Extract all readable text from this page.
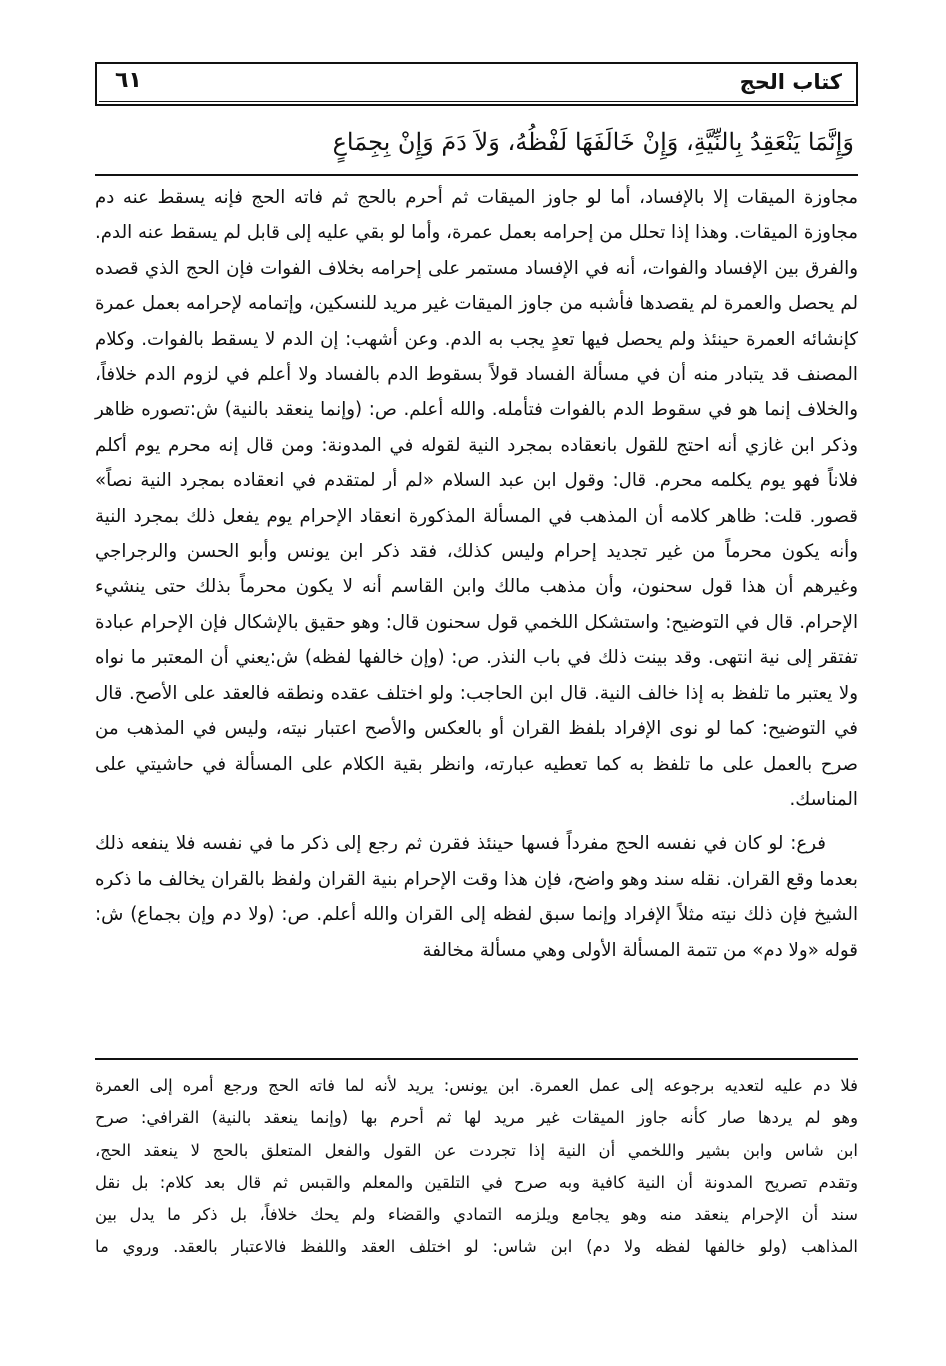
كتاب الحج
٦١
وَإِنَّمَا يَنْعَقِدُ بِالنِّيَّةِ، وَإِنْ خَالَفَهَا لَفْظُهُ، وَلاَ دَمَ وَإِنْ بِجِمَاعٍ

مجاوزة الميقات إلا بالإفساد، أما لو جاوز الميقات ثم أحرم بالحج ثم فاته الحج فإنه يسقط عنه دم مجاوزة الميقات. وهذا إذا تحلل من إحرامه بعمل عمرة، وأما لو بقي عليه إلى قابل لم يسقط عنه الدم. والفرق بين الإفساد والفوات، أنه في الإفساد مستمر على إحرامه بخلاف الفوات فإن الحج الذي قصده لم يحصل والعمرة لم يقصدها فأشبه من جاوز الميقات غير مريد للنسكين، وإتمامه لإحرامه بعمل عمرة كإنشائه العمرة حينئذ ولم يحصل فيها تعدٍ يجب به الدم. وعن أشهب: إن الدم لا يسقط بالفوات. وكلام المصنف قد يتبادر منه أن في مسألة الفساد قولاً بسقوط الدم بالفساد ولا أعلم في لزوم الدم خلافاً، والخلاف إنما هو في سقوط الدم بالفوات فتأمله. والله أعلم. ص: (وإنما ينعقد بالنية) ش:تصوره ظاهر وذكر ابن غازي أنه احتج للقول بانعقاده بمجرد النية لقوله في المدونة: ومن قال إنه محرم يوم أكلم فلاناً فهو يوم يكلمه محرم. قال: وقول ابن عبد السلام «لم أر لمتقدم في انعقاده بمجرد النية نصاً» قصور. قلت: ظاهر كلامه أن المذهب في المسألة المذكورة انعقاد الإحرام يوم يفعل ذلك بمجرد النية وأنه يكون محرماً من غير تجديد إحرام وليس كذلك، فقد ذكر ابن يونس وأبو الحسن والرجراجي وغيرهم أن هذا قول سحنون، وأن مذهب مالك وابن القاسم أنه لا يكون محرماً بذلك حتى ينشيء الإحرام. قال في التوضيح: واستشكل اللخمي قول سحنون قال: وهو حقيق بالإشكال فإن الإحرام عبادة تفتقر إلى نية انتهى. وقد بينت ذلك في باب النذر. ص: (وإن خالفها لفظه) ش:يعني أن المعتبر ما نواه ولا يعتبر ما تلفظ به إذا خالف النية. قال ابن الحاجب: ولو اختلف عقده ونطقه فالعقد على الأصح. قال في التوضيح: كما لو نوى الإفراد بلفظ القران أو بالعكس والأصح اعتبار نيته، وليس في المذهب من صرح بالعمل على ما تلفظ به كما تعطيه عبارته، وانظر بقية الكلام على المسألة في حاشيتي على المناسك.

فرع: لو كان في نفسه الحج مفرداً فسها حينئذ فقرن ثم رجع إلى ذكر ما في نفسه فلا ينفعه ذلك بعدما وقع القران. نقله سند وهو واضح، فإن هذا وقت الإحرام بنية القران ولفظ بالقران يخالف ما ذكره الشيخ فإن ذلك نيته مثلاً الإفراد وإنما سبق لفظه إلى القران والله أعلم. ص: (ولا دم وإن بجماع) ش: قوله «ولا دم» من تتمة المسألة الأولى وهي مسألة مخالفة

فلا دم عليه لتعديه برجوعه إلى عمل العمرة. ابن يونس: يريد لأنه لما فاته الحج ورجع أمره إلى العمرة

وهو لم يردها صار كأنه جاوز الميقات غير مريد لها ثم أحرم بها (وإنما ينعقد بالنية) القرافي: صرح

ابن شاس وابن بشير واللخمي أن النية إذا تجردت عن القول والفعل المتعلق بالحج لا ينعقد الحج،

وتقدم تصريح المدونة أن النية كافية وبه صرح في التلقين والمعلم والقبس ثم قال بعد كلام: بل نقل

سند أن الإحرام ينعقد منه وهو يجامع ويلزمه التمادي والقضاء ولم يحك خلافاً، بل ذكر ما يدل بين

المذاهب (ولو خالفها لفظه ولا دم) ابن شاس: لو اختلف العقد واللفظ فالاعتبار بالعقد. وروي ما
